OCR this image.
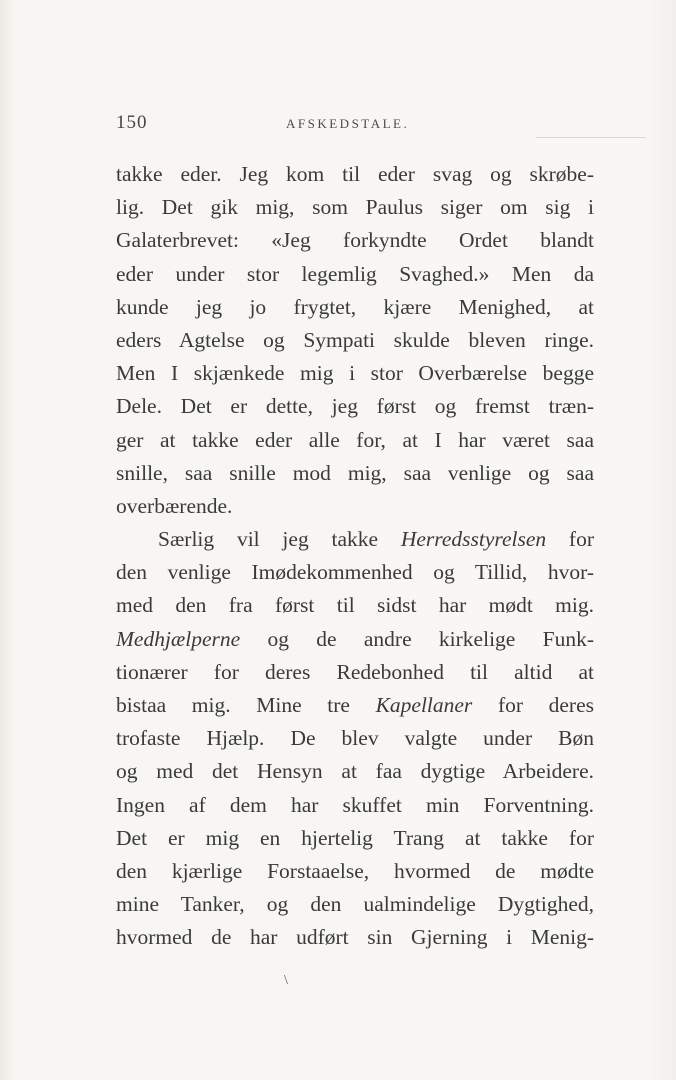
150	AFSKEDSTALE.
takke eder. Jeg kom til eder svag og skrøbe-
lig. Det gik mig, som Paulus siger om sig i
Galaterbrevet: «Jeg forkyndte Ordet blandt
eder under stor legemlig Svaghed.» Men da
kunde jeg jo frygtet, kjære Menighed, at
eders Agtelse og Sympati skulde bleven ringe.
Men I skjænkede mig i stor Overbærelse begge
Dele. Det er dette, jeg først og fremst træn-
ger at takke eder alle for, at I har været saa
snille, saa snille mod mig, saa venlige og saa
overbærende.
Særlig vil jeg takke Herredsstyrelsen for
den venlige Imødekommenhed og Tillid, hvor-
med den fra først til sidst har mødt mig.
Medhjælperne og de andre kirkelige Funk-
tionærer for deres Redebonhed til altid at
bistaa mig. Mine tre Kapellaner for deres
trofaste Hjælp. De blev valgte under Bøn
og med det Hensyn at faa dygtige Arbeidere.
Ingen af dem har skuffet min Forventning.
Det er mig en hjertelig Trang at takke for
den kjærlige Forstaaelse, hvormed de mødte
mine Tanker, og den ualmindelige Dygtighed,
hvormed de har udført sin Gjerning i Menig-
\
